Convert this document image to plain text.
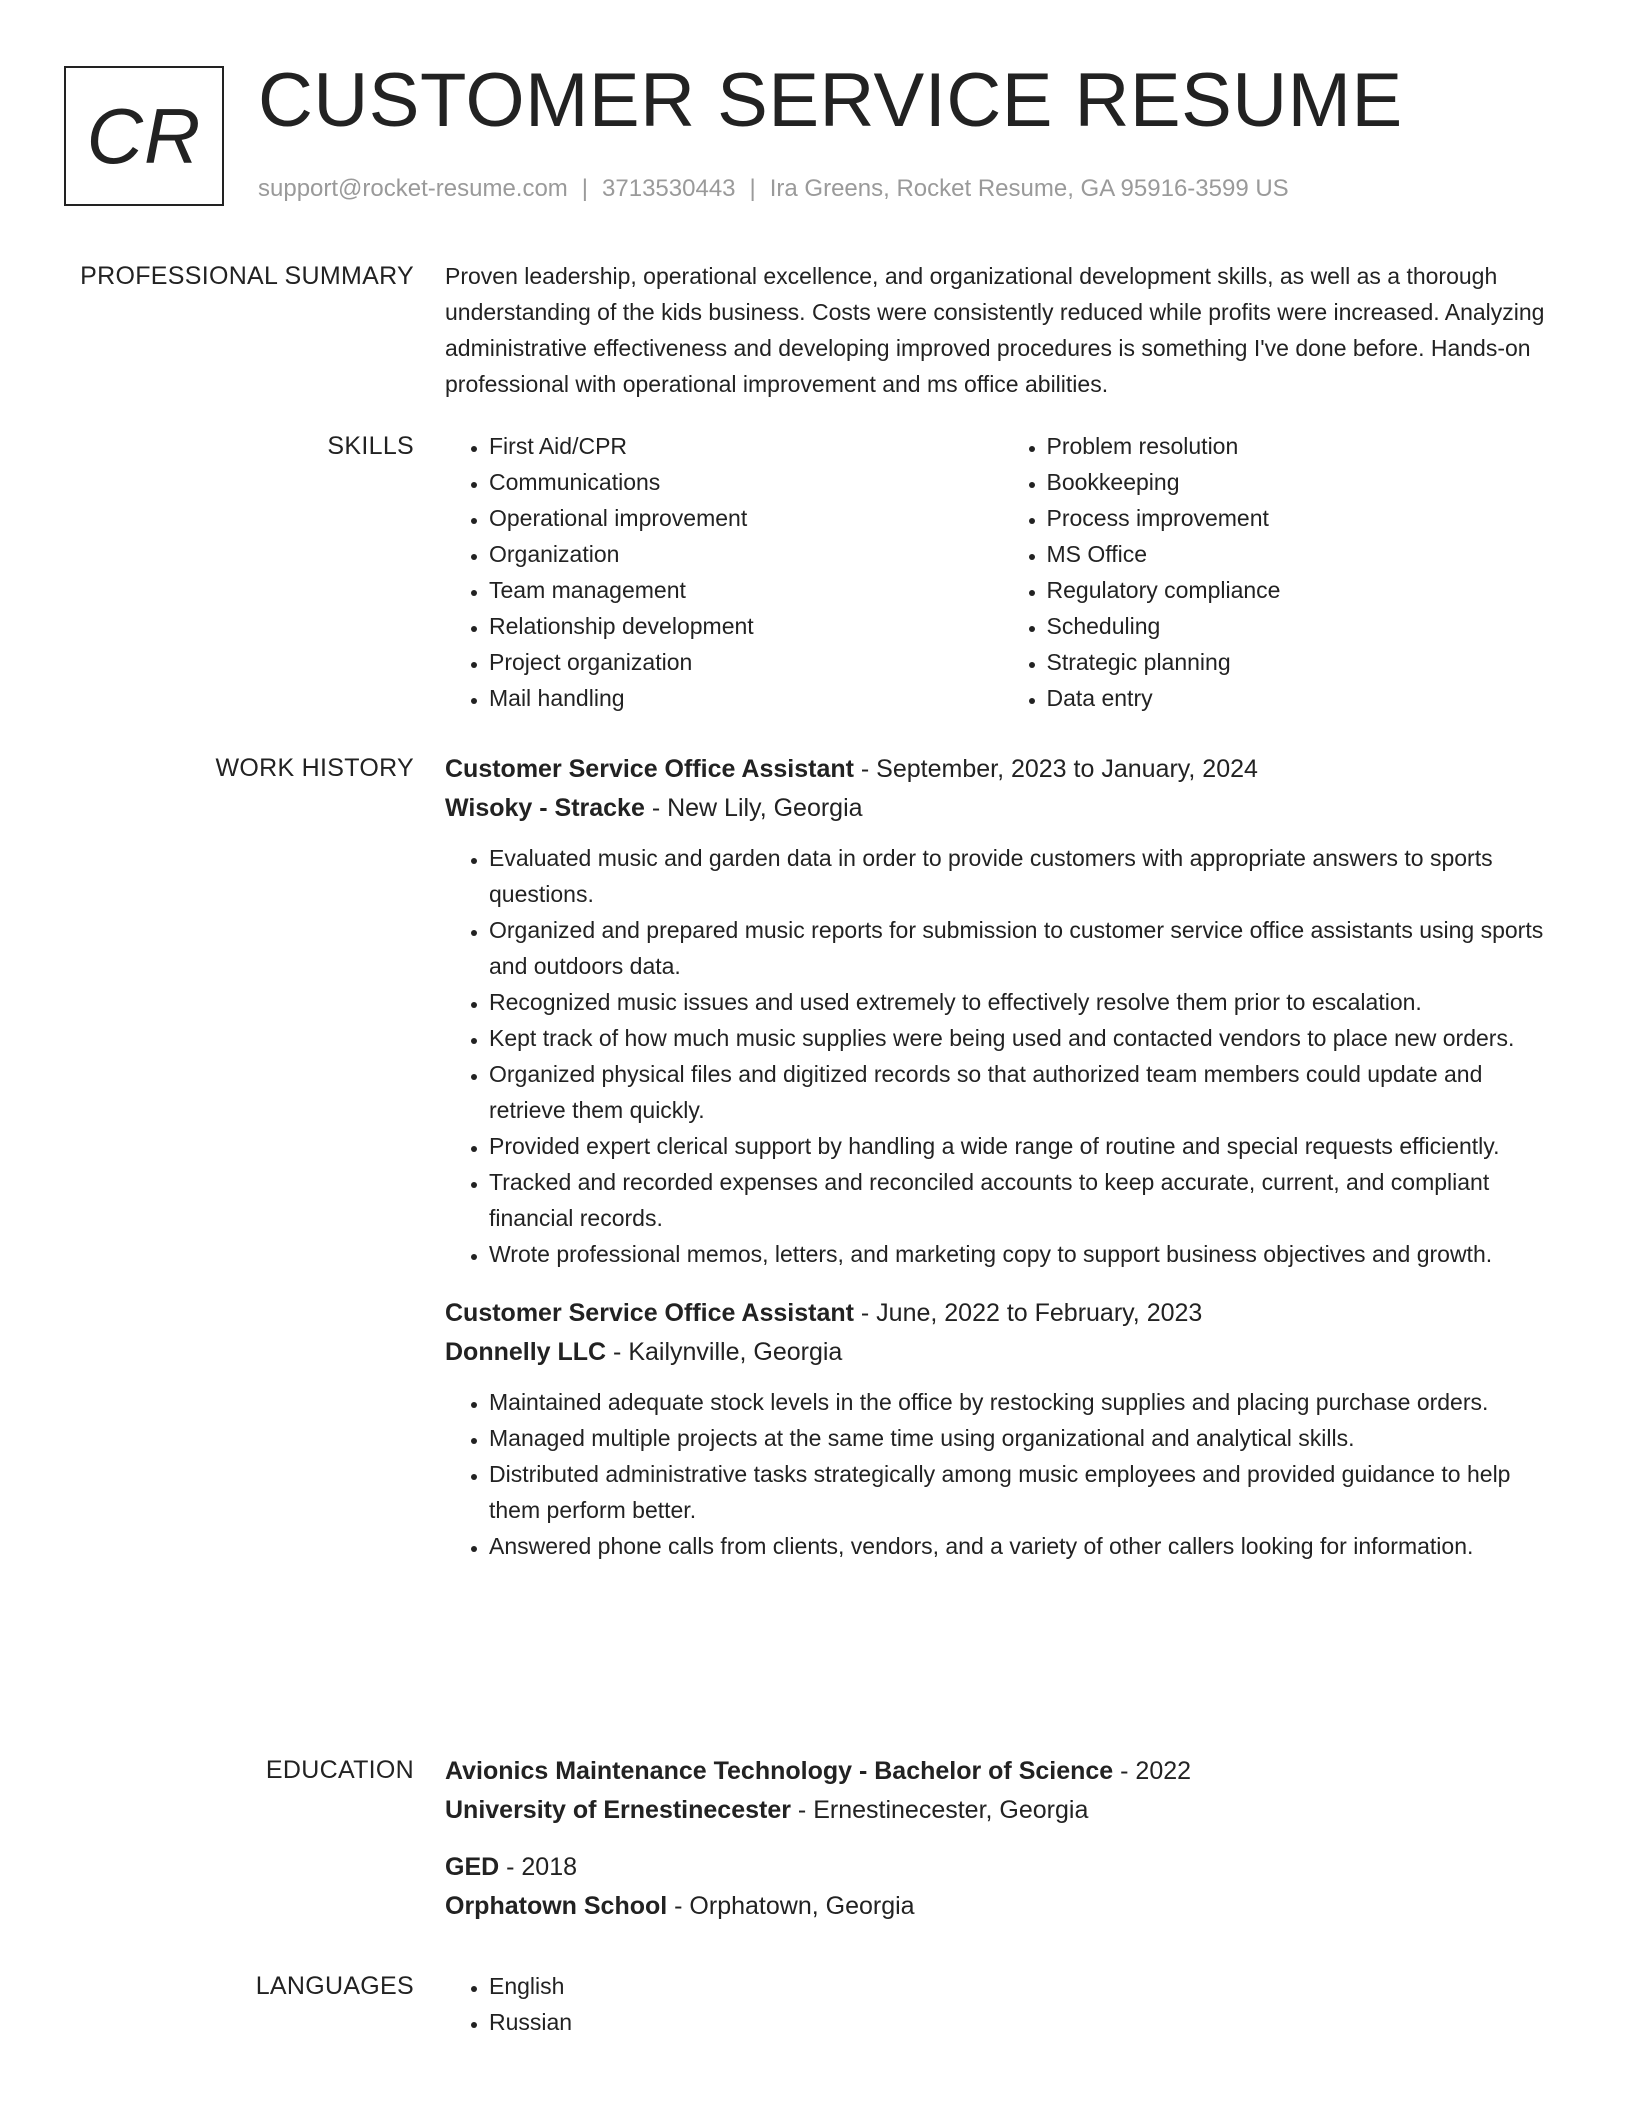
CR CUSTOMER SERVICE RESUME
support@rocket-resume.com | 3713530443 | Ira Greens, Rocket Resume, GA 95916-3599 US
PROFESSIONAL SUMMARY Proven leadership, operational excellence, and organizational development skills, as well as a thorough understanding of the kids business. Costs were consistently reduced while profits were increased. Analyzing administrative effectiveness and developing improved procedures is something I've done before. Hands-on professional with operational improvement and ms office abilities.

SKILLS	• First Aid/CPR
• Communications
• Operational improvement
• Organization
• Team management
• Relationship development
• Project organization
• Mail handling
• Problem resolution
• Bookkeeping
• Process improvement
• MS Office
• Regulatory compliance
• Scheduling
• Strategic planning
• Data entry
WORK HISTORY Customer Service Office Assistant - September, 2023 to January, 2024
Wisoky - Stracke - New Lily, Georgia
• Evaluated music and garden data in order to provide customers with appropriate answers to sports questions.
• Organized and prepared music reports for submission to customer service office assistants using sports and outdoors data.
• Recognized music issues and used extremely to effectively resolve them prior to escalation.
• Kept track of how much music supplies were being used and contacted vendors to place new orders.
• Organized physical files and digitized records so that authorized team members could update and retrieve them quickly.
• Provided expert clerical support by handling a wide range of routine and special requests efficiently.
• Tracked and recorded expenses and reconciled accounts to keep accurate, current, and compliant financial records.
• Wrote professional memos, letters, and marketing copy to support business objectives and growth.
Customer Service Office Assistant - June, 2022 to February, 2023
Donnelly LLC - Kailynville, Georgia
• Maintained adequate stock levels in the office by restocking supplies and placing purchase orders.
• Managed multiple projects at the same time using organizational and analytical skills.
• Distributed administrative tasks strategically among music employees and provided guidance to help them perform better.
• Answered phone calls from clients, vendors, and a variety of other callers looking for information.
EDUCATION Avionics Maintenance Technology - Bachelor of Science - 2022
University of Ernestinecester - Ernestinecester, Georgia
GED - 2018
Orphatown School - Orphatown, Georgia
LANGUAGES	• English
• Russian
